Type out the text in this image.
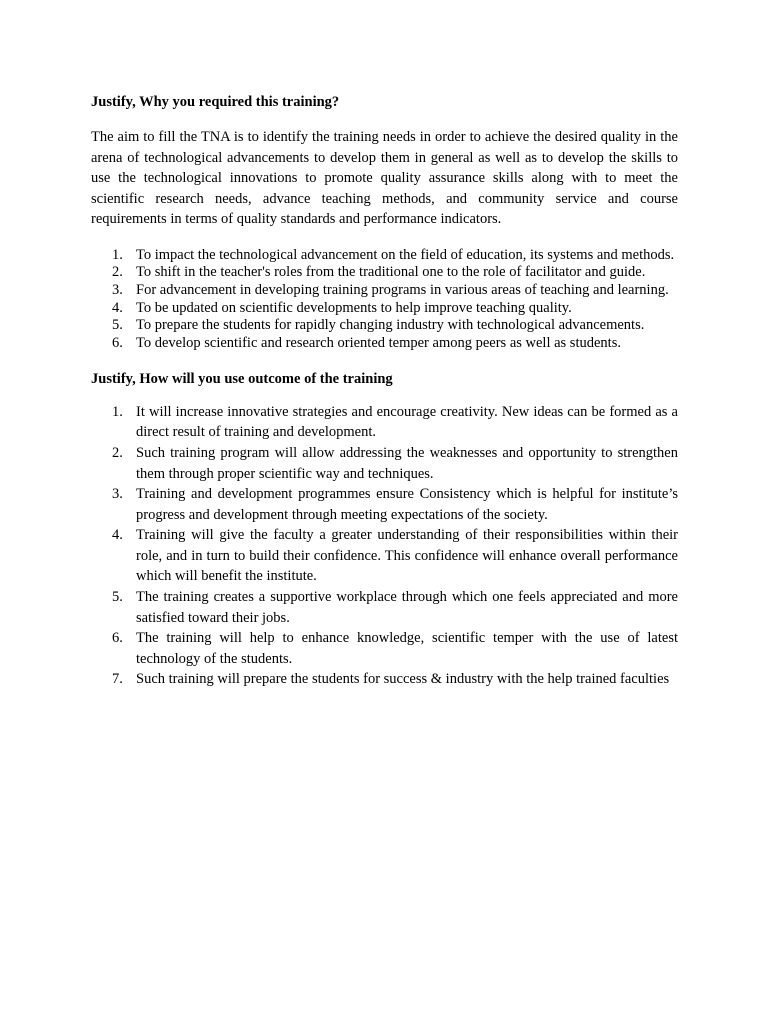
Justify, Why you required this training?

The aim to fill the TNA is to identify the training needs in order to achieve the desired quality in the arena of technological advancements to develop them in general as well as to develop the skills to use the technological innovations to promote quality assurance skills along with to meet the scientific research needs, advance teaching methods, and community service and course requirements in terms of quality standards and performance indicators.

1. To impact the technological advancement on the field of education, its systems and methods.
2. To shift in the teacher's roles from the traditional one to the role of facilitator and guide.
3. For advancement in developing training programs in various areas of teaching and learning.
4. To be updated on scientific developments to help improve teaching quality.
5. To prepare the students for rapidly changing industry with technological advancements.
6. To develop scientific and research oriented temper among peers as well as students.
Justify, How will you use outcome of the training
1. It will increase innovative strategies and encourage creativity. New ideas can be formed as a direct result of training and development.
2. Such training program will allow addressing the weaknesses and opportunity to strengthen them through proper scientific way and techniques.
3. Training and development programmes ensure Consistency which is helpful for institute’s progress and development through meeting expectations of the society.
4. Training will give the faculty a greater understanding of their responsibilities within their role, and in turn to build their confidence. This confidence will enhance overall performance which will benefit the institute.
5. The training creates a supportive workplace through which one feels appreciated and more satisfied toward their jobs.
6. The training will help to enhance knowledge, scientific temper with the use of latest technology of the students.
7. Such training will prepare the students for success & industry with the help trained faculties
